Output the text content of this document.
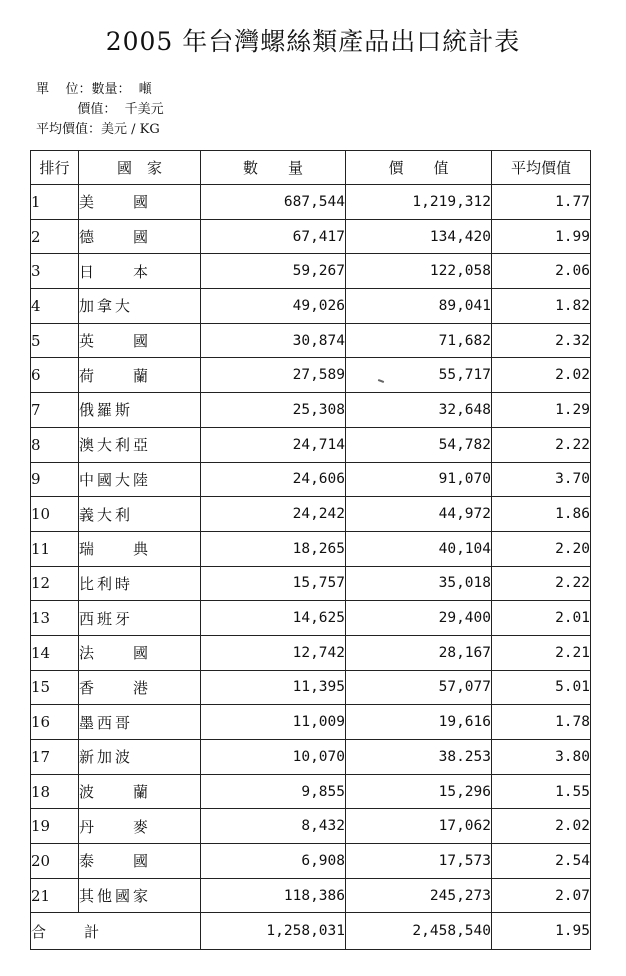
2005 年台灣螺絲類產品出口統計表
單    位：數量：  噸
價值：  千美元
平均價值：美元 / KG
排行	國　家	數　　量	價　　值	平均價值
1	美　　國	687,544	1,219,312	1.77
2	德　　國	67,417	134,420	1.99
3	日　　本	59,267	122,058	2.06
4	加拿大	49,026	89,041	1.82
5	英　　國	30,874	71,682	2.32
6	荷　　蘭	27,589	55,717	2.02
7	俄羅斯	25,308	32,648	1.29
8	澳大利亞	24,714	54,782	2.22
9	中國大陸	24,606	91,070	3.70
10	義大利	24,242	44,972	1.86
11	瑞　　典	18,265	40,104	2.20
12	比利時	15,757	35,018	2.22
13	西班牙	14,625	29,400	2.01
14	法　　國	12,742	28,167	2.21
15	香　　港	11,395	57,077	5.01
16	墨西哥	11,009	19,616	1.78
17	新加波	10,070	38.253	3.80
18	波　　蘭	9,855	15,296	1.55
19	丹　　麥	8,432	17,062	2.02
20	泰　　國	6,908	17,573	2.54
21	其他國家	118,386	245,273	2.07
合        計		1,258,031	2,458,540	1.95
